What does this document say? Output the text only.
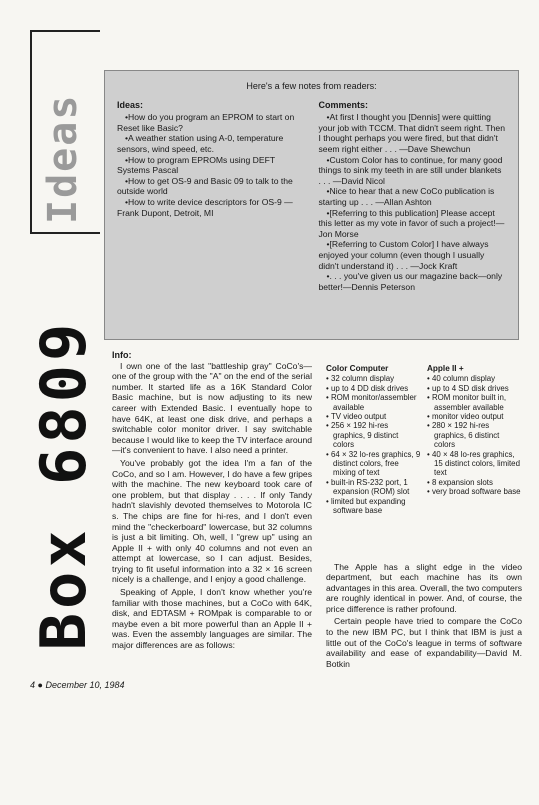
Ideas
Box 6809

Here's a few notes from readers:

Ideas:

•How do you program an EPROM to start on Reset like Basic?

•A weather station using A-0, temperature sensors, wind speed, etc.

•How to program EPROMs using DEFT Systems Pascal

•How to get OS-9 and Basic 09 to talk to the outside world

•How to write device descriptors for OS-9 —Frank Dupont, Detroit, MI

Comments:

•At first I thought you [Dennis] were quitting your job with TCCM. That didn't seem right. Then I thought perhaps you were fired, but that didn't seem right either . . . —Dave Shewchun

•Custom Color has to continue, for many good things to sink my teeth in are still under blankets . . . —David Nicol

•Nice to hear that a new CoCo publication is starting up . . . —Allan Ashton

•[Referring to this publication] Please accept this letter as my vote in favor of such a project!—Jon Morse

•[Referring to Custom Color] I have always enjoyed your column (even though I usually didn't understand it) . . . —Jock Kraft

•. . . you've given us our magazine back—only better!—Dennis Peterson

Info:

I own one of the last "battleship gray" CoCo's—one of the group with the "A" on the end of the serial number. It started life as a 16K Standard Color Basic machine, but is now adjusting to its new career with Extended Basic. I eventually hope to have 64K, at least one disk drive, and perhaps a switchable color monitor driver. I say switchable because I would like to keep the TV interface around—it's convenient to have. I also need a printer.

You've probably got the idea I'm a fan of the CoCo, and so I am. However, I do have a few gripes with the machine. The new keyboard took care of one problem, but that display . . . . If only Tandy hadn't slavishly devoted themselves to Motorola IC s. The chips are fine for hi-res, and I don't even mind the "checkerboard" lowercase, but 32 columns is just a bit limiting. Oh, well, I "grew up" using an Apple II + with only 40 columns and not even an attempt at lowercase, so I can adjust. Besides, trying to fit useful information into a 32 × 16 screen nicely is a challenge, and I enjoy a good challenge.

Speaking of Apple, I don't know whether you're familiar with those machines, but a CoCo with 64K, disk, and EDTASM + ROMpak is comparable to or maybe even a bit more powerful than an Apple II + was. Even the assembly languages are similar. The major differences are as follows:

Color Computer
• 32 column display
• up to 4 DD disk drives
• ROM monitor/assembler available
• TV video output
• 256 × 192 hi-res graphics, 9 distinct colors
• 64 × 32 lo-res graphics, 9 distinct colors, free mixing of text
• built-in RS-232 port, 1 expansion (ROM) slot
• limited but expanding software base
Apple II +
• 40 column display
• up to 4 SD disk drives
• ROM monitor built in, assembler available
• monitor video output
• 280 × 192 hi-res graphics, 6 distinct colors
• 40 × 48 lo-res graphics, 15 distinct colors, limited text
• 8 expansion slots
• very broad software base

The Apple has a slight edge in the video department, but each machine has its own advantages in this area. Overall, the two computers are roughly identical in power. And, of course, the price difference is rather profound.

Certain people have tried to compare the CoCo to the new IBM PC, but I think that IBM is just a little out of the CoCo's league in terms of software availability and ease of expandability—David M. Botkin

4 ● December 10, 1984
